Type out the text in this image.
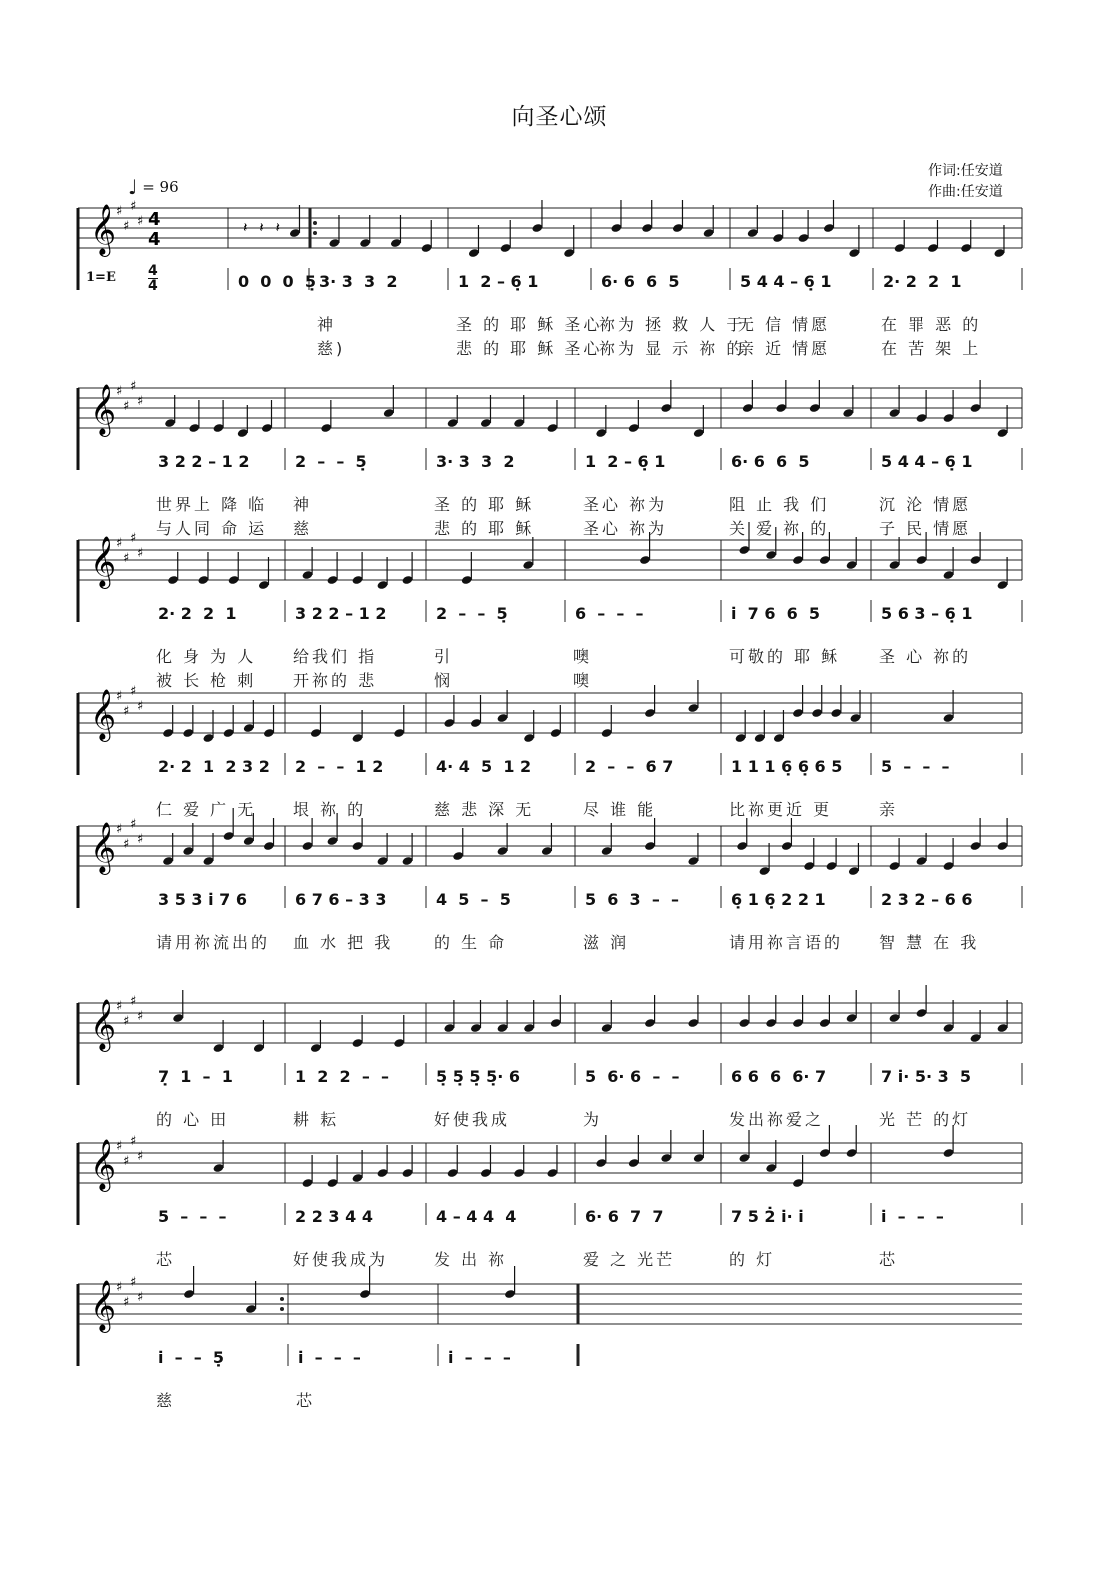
向圣心颂
作词:任安道
作曲:任安道
♩ = 96
𝄞 ♯
♯
♯
♯	𝄽 𝄽 𝄽
4
4
1=E 4
4	0  0  0  5̣ 3· 3  3  2	1  2 – 6̣ 1	6· 6  6  5	5 4 4 – 6̣ 1	2· 2  2  1
神	圣 的 耶 稣 圣心
祢为 拯 救 人 于
无 信 情愿	在 罪 恶 的
慈)	悲 的 耶 稣 圣心
祢为 显 示 祢 的
亲 近 情愿	在 苦 架 上
𝄞 ♯
♯
♯
♯
3 2 2 – 1 2	2  –  –  5̣	3· 3  3  2	1  2 – 6̣ 1	6· 6  6  5	5 4 4 – 6̣ 1
世界上 降 临	神	圣 的 耶 稣	圣心 祢为	阻 止 我 们	沉 沦 情愿
与人同 命 运	慈	悲 的 耶 稣	圣心 祢为	关 爱 祢 的	子 民 情愿
𝄞 ♯
♯
♯
♯
2· 2  2  1	3 2 2 – 1 2	2  –  –  5̣	6  –  –  –	i̇  7 6  6  5	5 6 3 – 6̣ 1
化 身 为 人	给我们 指	引	噢	可敬的 耶 稣	圣 心 祢的
被 长 枪 刺	开祢的 悲	悯	噢
𝄞 ♯
♯
♯
♯
2· 2  1  2 3 2	2  –  –  1 2	4· 4  5  1 2	2  –  –  6 7	1 1 1 6̣ 6̣ 6 5	5  –  –  –
仁 爱 广 无	垠 祢 的	慈 悲 深 无	尽 谁 能	比祢更近 更	亲
𝄞 ♯
♯
♯
♯
3 5 3 i̇ 7 6	6 7 6 – 3 3	4  5  –  5	5  6  3  –  –	6̣ 1 6̣ 2 2 1	2 3 2 – 6 6
请用祢流出的	血 水 把 我	的 生 命	滋 润	请用祢言语的	智 慧 在 我
𝄞 ♯
♯
♯
♯
7̣  1  –  1	1  2  2  –  –	5̣ 5̣ 5̣ 5̣· 6	5  6· 6  –  –	6 6  6  6· 7	7 i̇· 5· 3  5
的 心 田	耕 耘	好使我成	为	发出祢爱之	光 芒 的灯
𝄞 ♯
♯
♯
♯
5  –  –  –	2 2 3 4 4	4 – 4 4  4	6· 6  7  7	7 5 2̇ i̇· i̇	i̇  –  –  –
芯	好使我成为	发 出 祢	爱 之 光芒	的 灯	芯
𝄞 ♯
♯
♯
♯
i̇  –  –  5̣	i̇  –  –  –	i̇  –  –  –
慈	芯
